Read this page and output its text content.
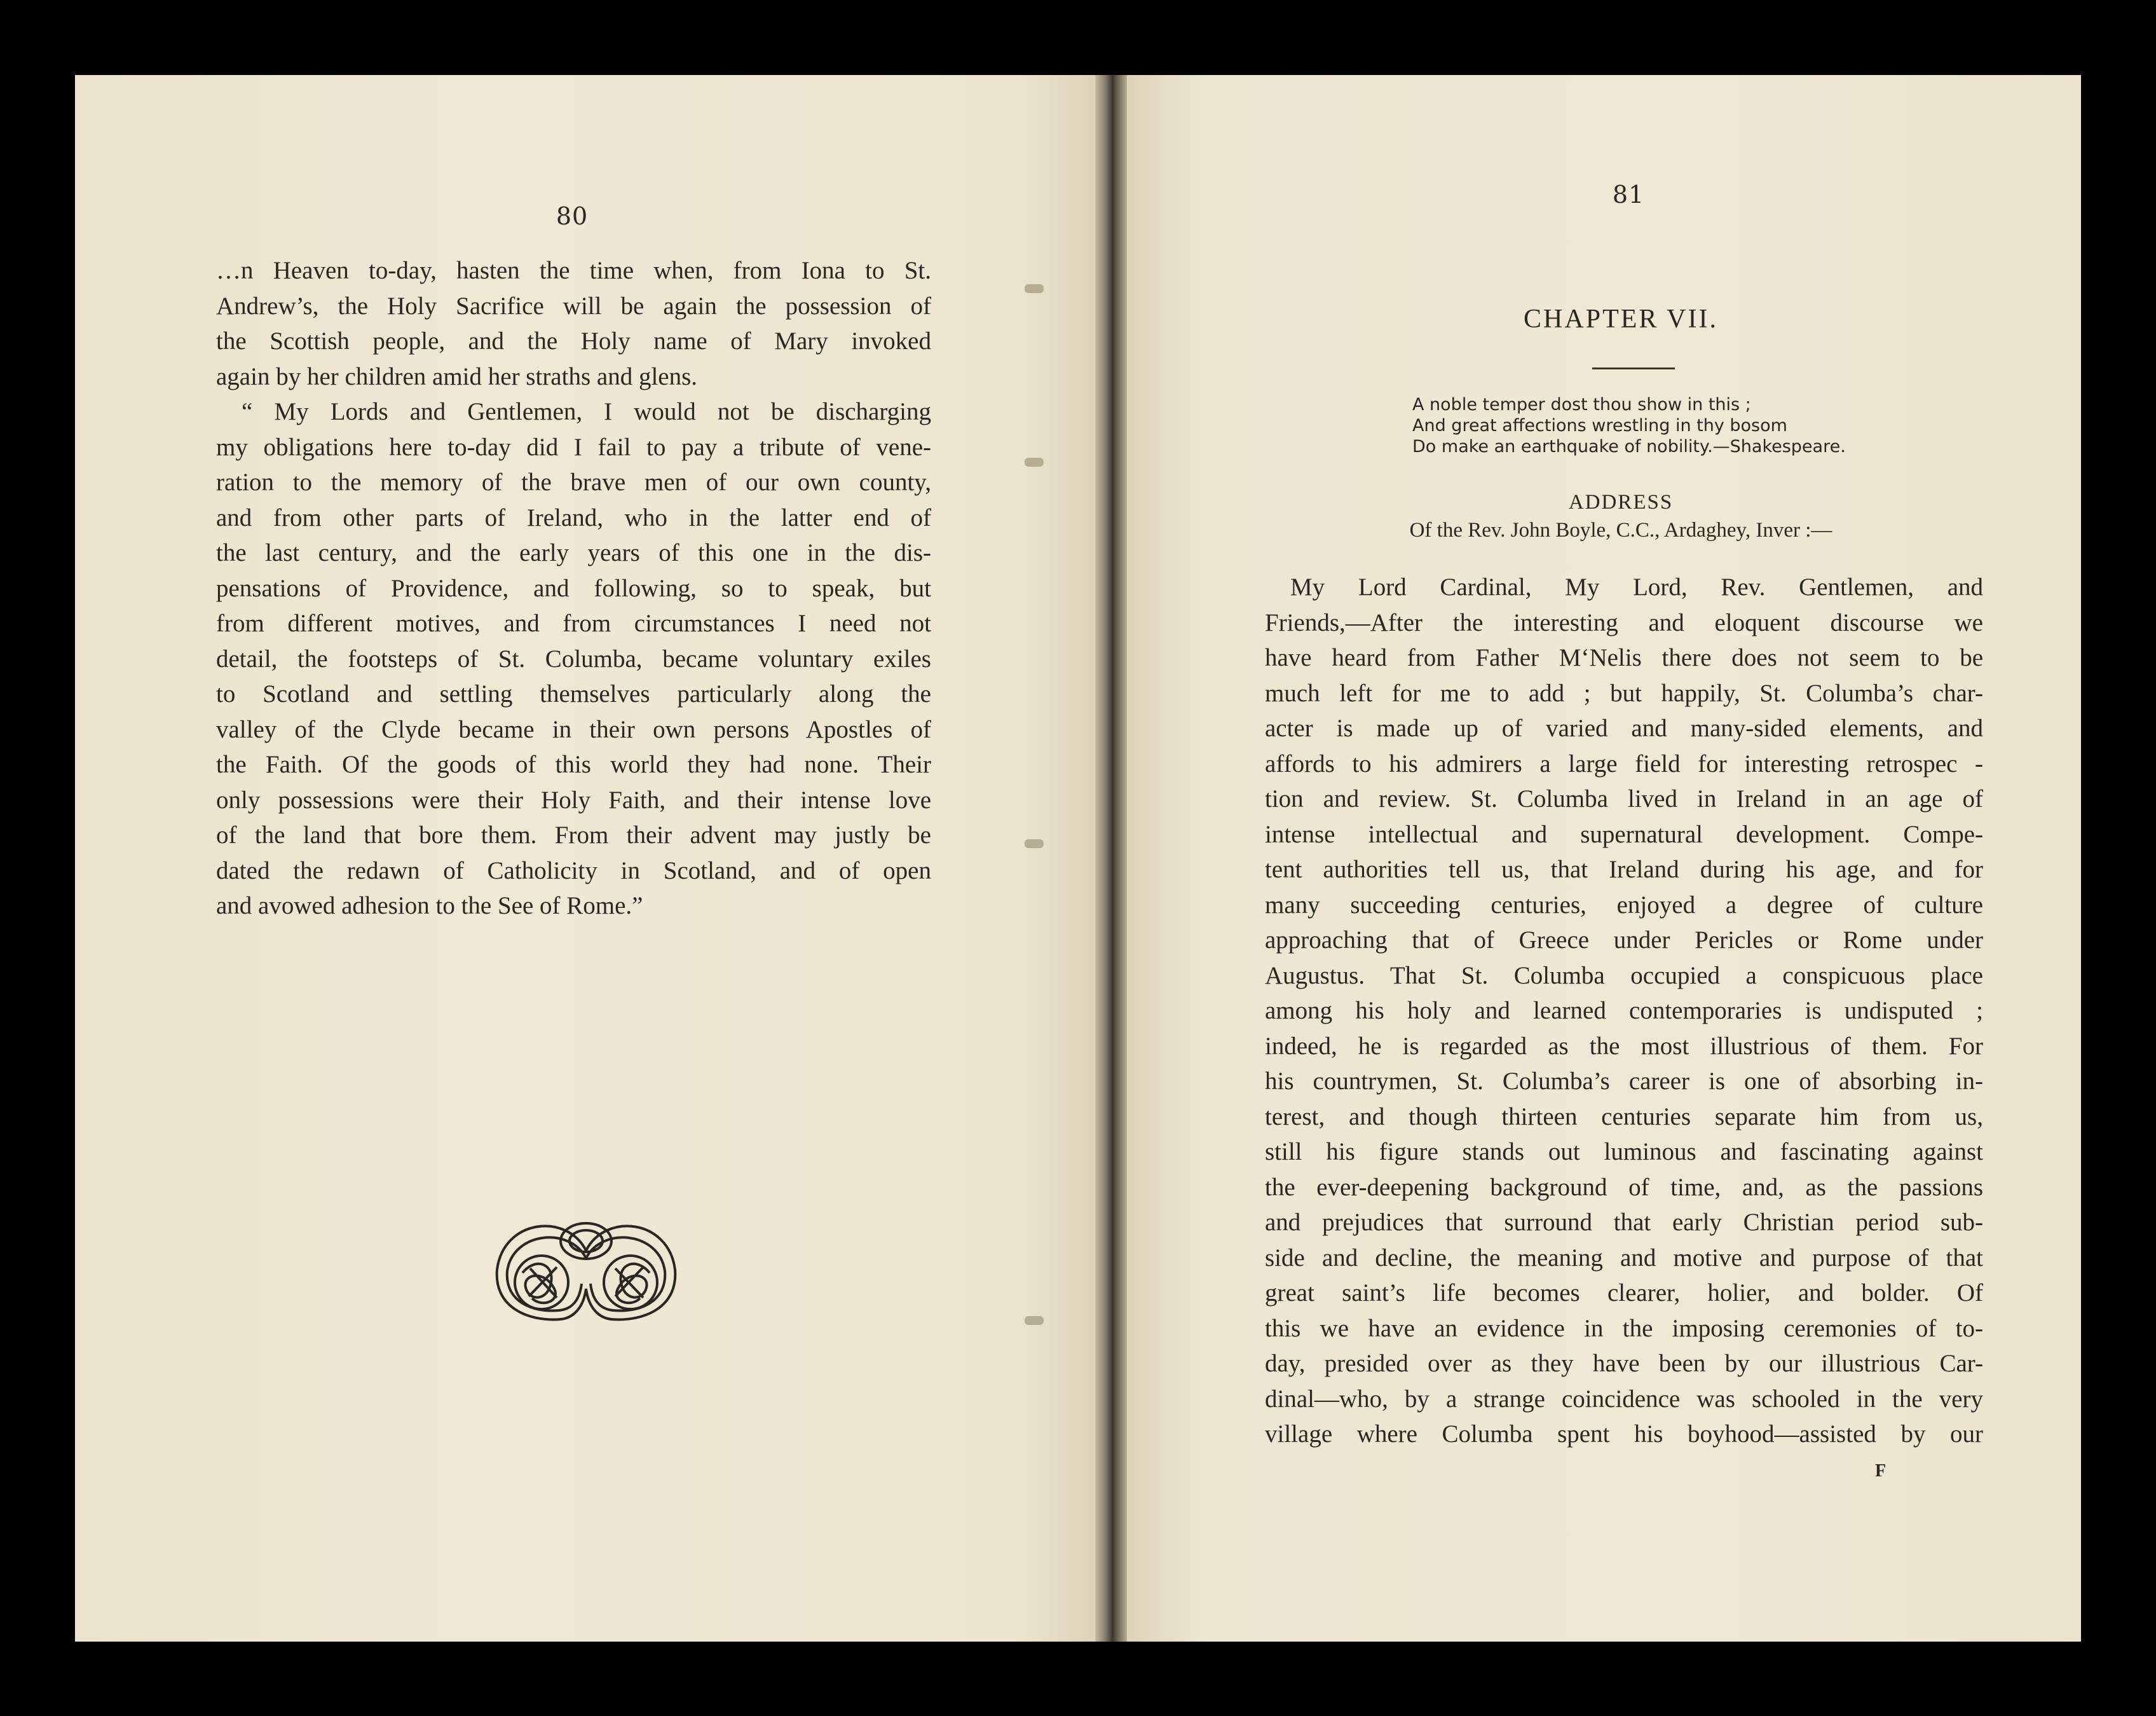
80
…n Heaven to-day, hasten the time when, from Iona to St.
Andrew’s, the Holy Sacrifice will be again the possession of
the Scottish people, and the Holy name of Mary invoked
again by her children amid her straths and glens.
“ My Lords and Gentlemen, I would not be discharging
my obligations here to-day did I fail to pay a tribute of vene-
ration to the memory of the brave men of our own county,
and from other parts of Ireland, who in the latter end of
the last century, and the early years of this one in the dis-
pensations of Providence, and following, so to speak, but
from different motives, and from circumstances I need not
detail, the footsteps of St. Columba, became voluntary exiles
to Scotland and settling themselves particularly along the
valley of the Clyde became in their own persons Apostles of
the Faith. Of the goods of this world they had none. Their
only possessions were their Holy Faith, and their intense love
of the land that bore them. From their advent may justly be
dated the redawn of Catholicity in Scotland, and of open
and avowed adhesion to the See of Rome.”
81
CHAPTER VII.
A noble temper dost thou show in this ;
And great affections wrestling in thy bosom
Do make an earthquake of nobility.—Shakespeare.
ADDRESS
Of the Rev. John Boyle, C.C., Ardaghey, Inver :—
My Lord Cardinal, My Lord, Rev. Gentlemen, and
Friends,—After the interesting and eloquent discourse we
have heard from Father M‘Nelis there does not seem to be
much left for me to add ; but happily, St. Columba’s char-
acter is made up of varied and many-sided elements, and
affords to his admirers a large field for interesting retrospec -
tion and review. St. Columba lived in Ireland in an age of
intense intellectual and supernatural development. Compe-
tent authorities tell us, that Ireland during his age, and for
many succeeding centuries, enjoyed a degree of culture
approaching that of Greece under Pericles or Rome under
Augustus. That St. Columba occupied a conspicuous place
among his holy and learned contemporaries is undisputed ;
indeed, he is regarded as the most illustrious of them. For
his countrymen, St. Columba’s career is one of absorbing in-
terest, and though thirteen centuries separate him from us,
still his figure stands out luminous and fascinating against
the ever-deepening background of time, and, as the passions
and prejudices that surround that early Christian period sub-
side and decline, the meaning and motive and purpose of that
great saint’s life becomes clearer, holier, and bolder. Of
this we have an evidence in the imposing ceremonies of to-
day, presided over as they have been by our illustrious Car-
dinal—who, by a strange coincidence was schooled in the very
village where Columba spent his boyhood—assisted by our
F
